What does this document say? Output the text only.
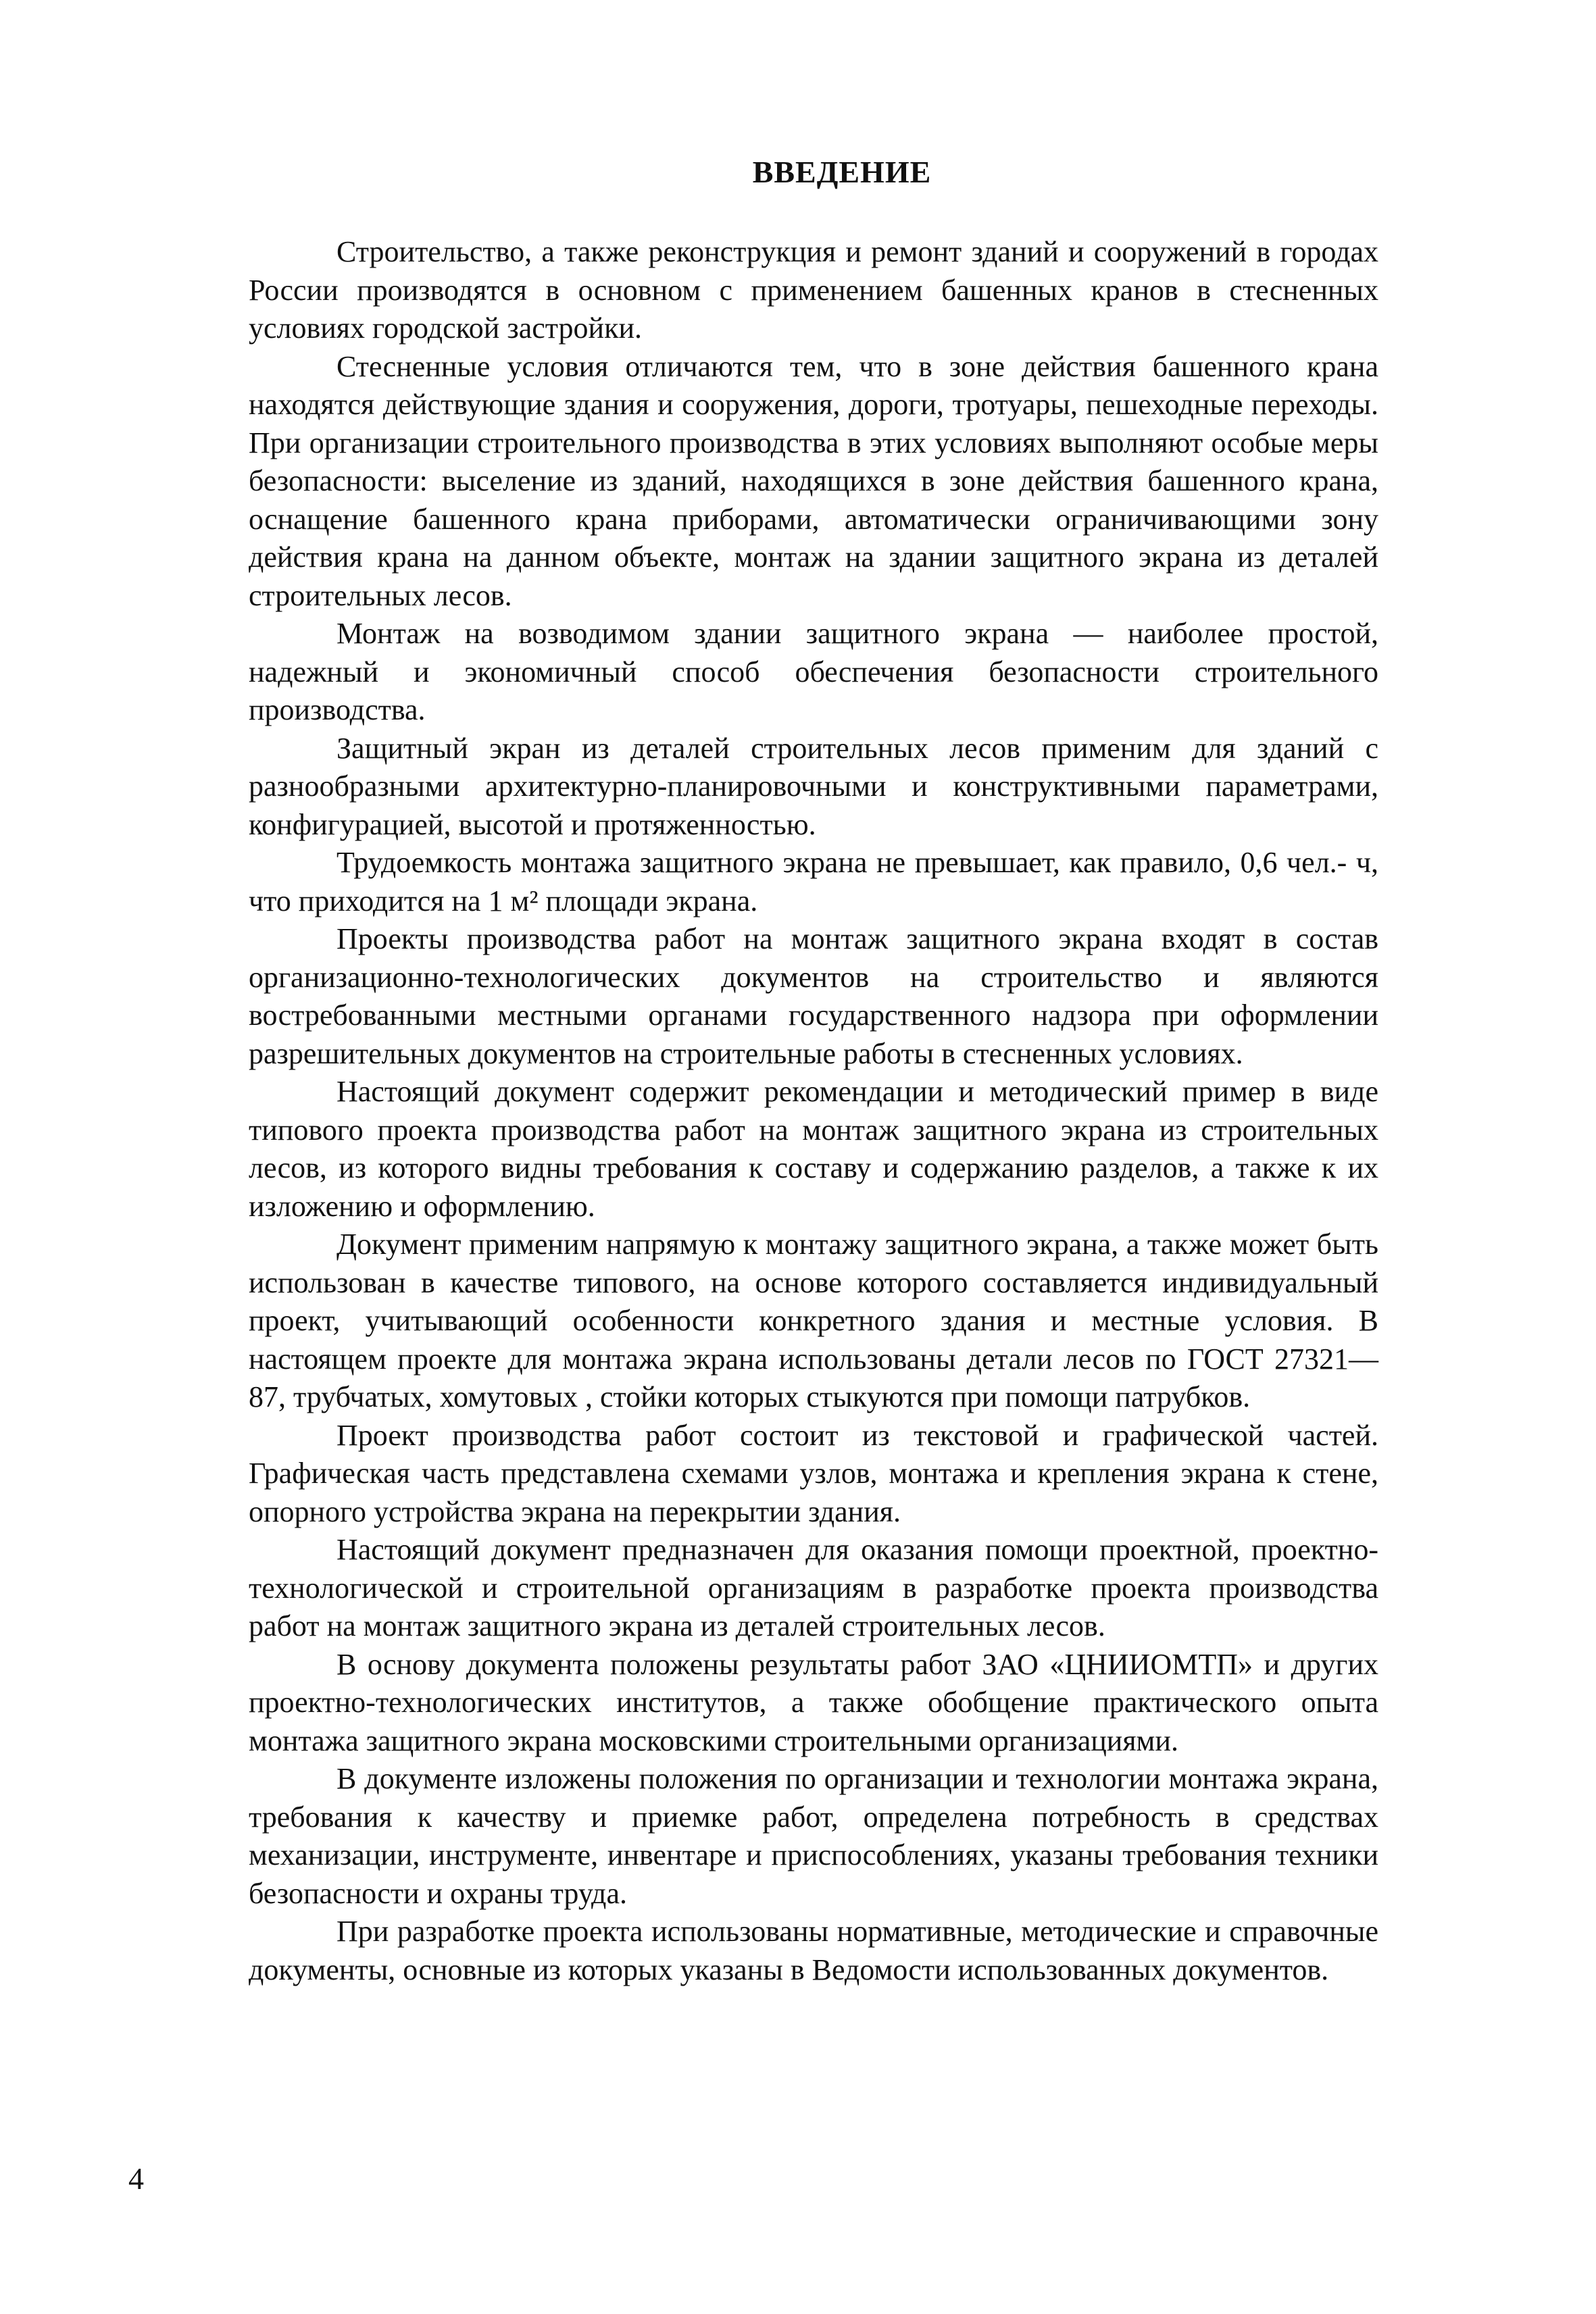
ВВЕДЕНИЕ

Строительство, а также реконструкция и ремонт зданий и сооружений в городах России производятся в основном с применением башенных кранов в стесненных условиях городской застройки.

Стесненные условия отличаются тем, что в зоне действия башенного крана находятся действующие здания и сооружения, дороги, тротуары, пешеходные переходы. При организации строительного производства в этих условиях выполняют особые меры безопасности: выселение из зданий, находящихся в зоне действия башенного крана, оснащение башенного крана приборами, автоматически ограничивающими зону действия крана на данном объекте, монтаж на здании защитного экрана из деталей строительных лесов.

Монтаж на возводимом здании защитного экрана — наиболее простой, надежный и экономичный способ обеспечения безопасности строительного производства.

Защитный экран из деталей строительных лесов применим для зданий с разнообразными архитектурно-планировочными и конструктивными параметрами, конфигурацией, высотой и протяженностью.

Трудоемкость монтажа защитного экрана не превышает, как правило, 0,6 чел.- ч, что приходится на 1 м² площади экрана.

Проекты производства работ на монтаж защитного экрана входят в состав организационно-технологических документов на строительство и являются востребованными местными органами государственного надзора при оформлении разрешительных документов на строительные работы в стесненных условиях.

Настоящий документ содержит рекомендации и методический пример в виде типового проекта производства работ на монтаж защитного экрана из строительных лесов, из которого видны требования к составу и содержанию разделов, а также к их изложению и оформлению.

Документ применим напрямую к монтажу защитного экрана, а также может быть использован в качестве типового, на основе которого составляется индивидуальный проект, учитывающий особенности конкретного здания и местные условия. В настоящем проекте для монтажа экрана использованы детали лесов по ГОСТ 27321—87, трубчатых, хомутовых , стойки которых стыкуются при помощи патрубков.

Проект производства работ состоит из текстовой и графической частей. Графическая часть представлена схемами узлов, монтажа и крепления экрана к стене, опорного устройства экрана на перекрытии здания.

Настоящий документ предназначен для оказания помощи проектной, проектно-технологической и строительной организациям в разработке проекта производства работ на монтаж защитного экрана из деталей строительных лесов.

В основу документа положены результаты работ ЗАО «ЦНИИОМТП» и других проектно-технологических институтов, а также обобщение практического опыта монтажа защитного экрана московскими строительными организациями.

В документе изложены положения по организации и технологии монтажа экрана, требования к качеству и приемке работ, определена потребность в средствах механизации, инструменте, инвентаре и приспособлениях, указаны требования техники безопасности и охраны труда.

При разработке проекта использованы нормативные, методические и справочные документы, основные из которых указаны в Ведомости использованных документов.

4
